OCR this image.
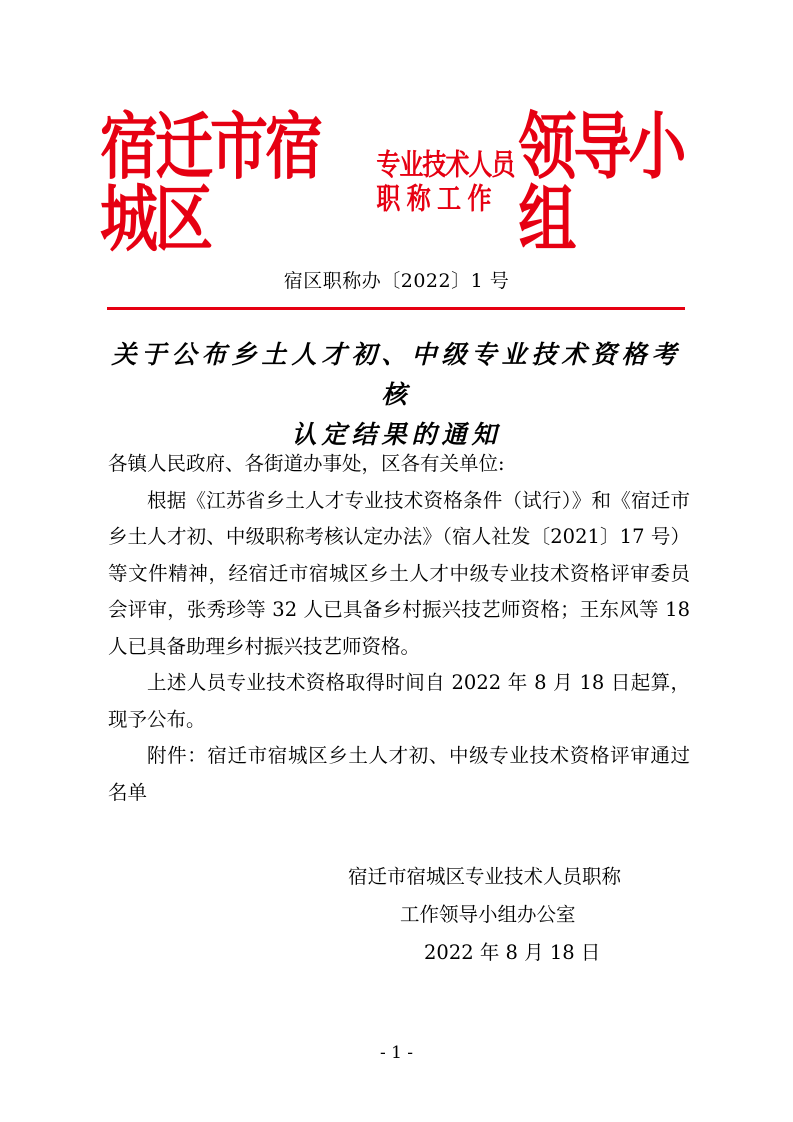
宿迁市宿城区
专业技术人员
职 称 工 作
领导小组
宿区职称办〔2022〕1 号
关于公布乡土人才初、中级专业技术资格考核
认定结果的通知

各镇人民政府、各街道办事处，区各有关单位:

根据《江苏省乡土人才专业技术资格条件（试行）》和《宿迁市乡土人才初、中级职称考核认定办法》（宿人社发〔2021〕17 号）等文件精神，经宿迁市宿城区乡土人才中级专业技术资格评审委员会评审，张秀珍等 32 人已具备乡村振兴技艺师资格；王东风等 18 人已具备助理乡村振兴技艺师资格。

上述人员专业技术资格取得时间自 2022 年 8 月 18 日起算，现予公布。

附件：宿迁市宿城区乡土人才初、中级专业技术资格评审通过名单

宿迁市宿城区专业技术人员职称
工作领导小组办公室
2022 年 8 月 18 日
- 1 -
